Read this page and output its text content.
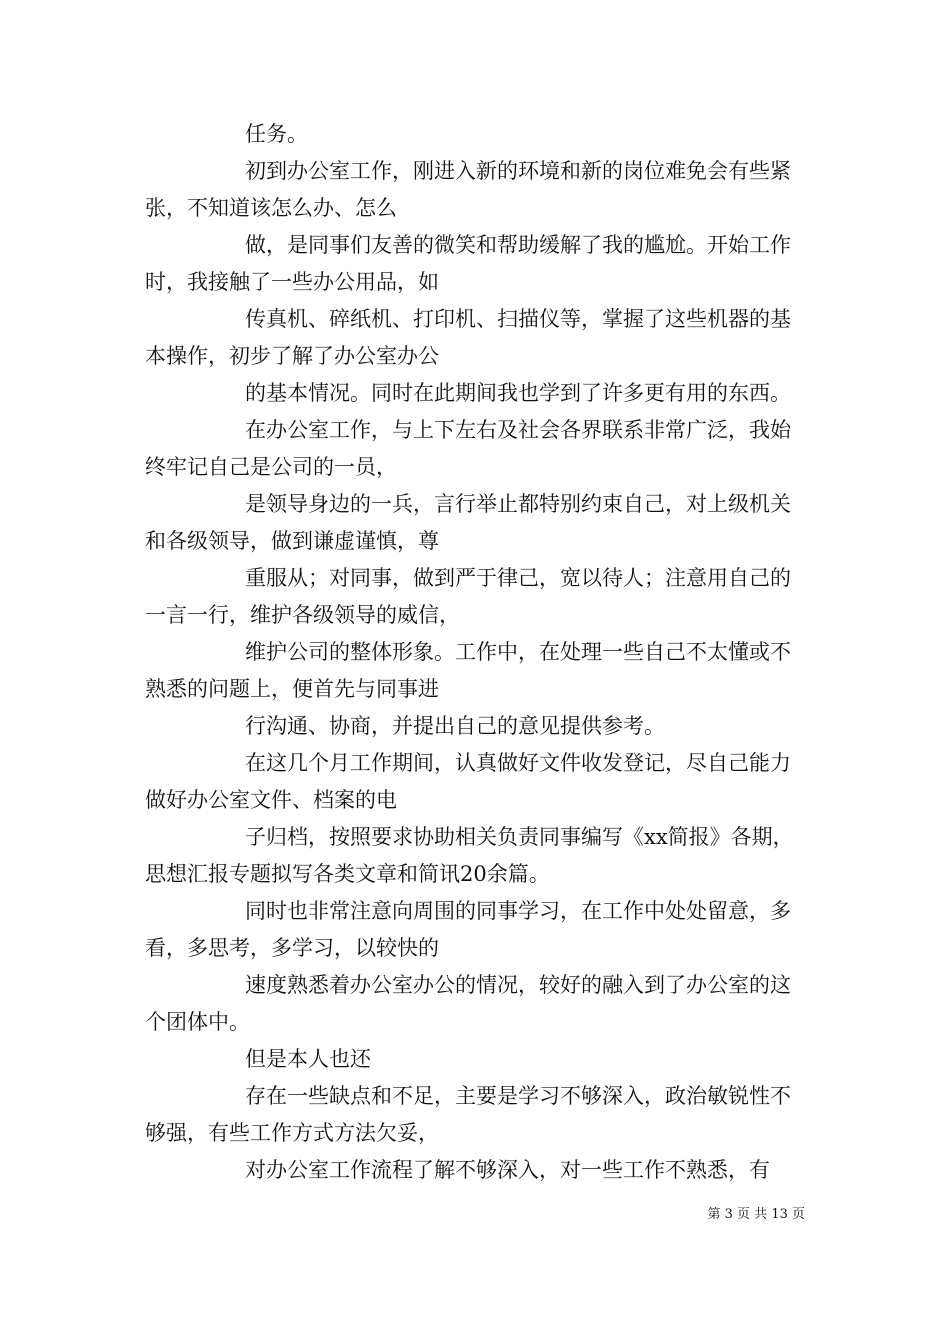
任务。

初到办公室工作，刚进入新的环境和新的岗位难免会有些紧张，不知道该怎么办、怎么

做，是同事们友善的微笑和帮助缓解了我的尴尬。开始工作时，我接触了一些办公用品，如

传真机、碎纸机、打印机、扫描仪等，掌握了这些机器的基本操作，初步了解了办公室办公

的基本情况。同时在此期间我也学到了许多更有用的东西。

在办公室工作，与上下左右及社会各界联系非常广泛，我始终牢记自己是公司的一员，

是领导身边的一兵，言行举止都特别约束自己，对上级机关和各级领导，做到谦虚谨慎，尊

重服从；对同事，做到严于律己，宽以待人；注意用自己的一言一行，维护各级领导的威信，

维护公司的整体形象。工作中，在处理一些自己不太懂或不熟悉的问题上，便首先与同事进

行沟通、协商，并提出自己的意见提供参考。

在这几个月工作期间，认真做好文件收发登记，尽自己能力做好办公室文件、档案的电

子归档，按照要求协助相关负责同事编写《xx简报》各期，思想汇报专题拟写各类文章和简讯20余篇。

同时也非常注意向周围的同事学习，在工作中处处留意，多看，多思考，多学习，以较快的

速度熟悉着办公室办公的情况，较好的融入到了办公室的这个团体中。

但是本人也还

存在一些缺点和不足，主要是学习不够深入，政治敏锐性不够强，有些工作方式方法欠妥，

对办公室工作流程了解不够深入，对一些工作不熟悉，有

第 3 页 共 13 页
